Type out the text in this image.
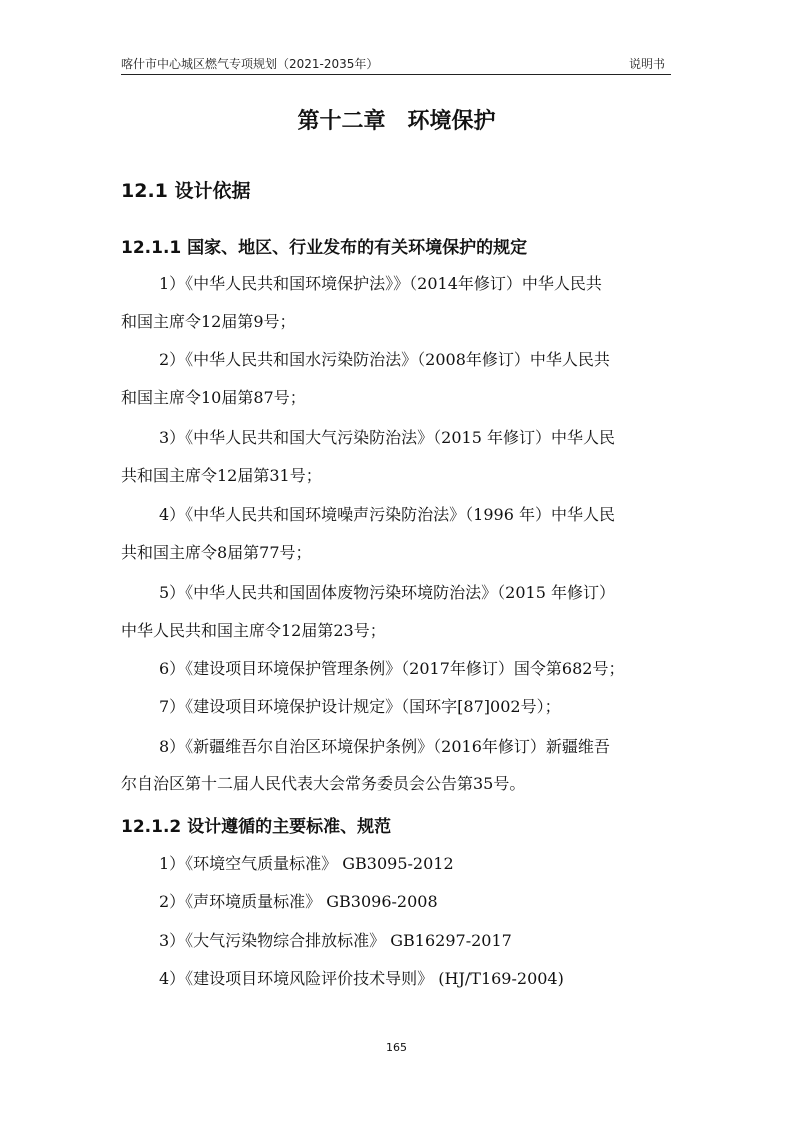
喀什市中心城区燃气专项规划（2021-2035年）	说明书
第十二章　环境保护
12.1 设计依据
12.1.1 国家、地区、行业发布的有关环境保护的规定
1）《中华人民共和国环境保护法》》（2014年修订）中华人民共
和国主席令12届第9号；
2）《中华人民共和国水污染防治法》（2008年修订）中华人民共
和国主席令10届第87号；
3）《中华人民共和国大气污染防治法》（2015 年修订）中华人民
共和国主席令12届第31号；
4）《中华人民共和国环境噪声污染防治法》（1996 年）中华人民
共和国主席令8届第77号；
5）《中华人民共和国固体废物污染环境防治法》（2015 年修订）
中华人民共和国主席令12届第23号；
6）《建设项目环境保护管理条例》（2017年修订）国令第682号；
7）《建设项目环境保护设计规定》（国环字[87]002号）；
8）《新疆维吾尔自治区环境保护条例》（2016年修订）新疆维吾
尔自治区第十二届人民代表大会常务委员会公告第35号。
12.1.2 设计遵循的主要标准、规范
1）《环境空气质量标准》 GB3095-2012
2）《声环境质量标准》 GB3096-2008
3）《大气污染物综合排放标准》 GB16297-2017
4）《建设项目环境风险评价技术导则》 (HJ/T169-2004)
165
